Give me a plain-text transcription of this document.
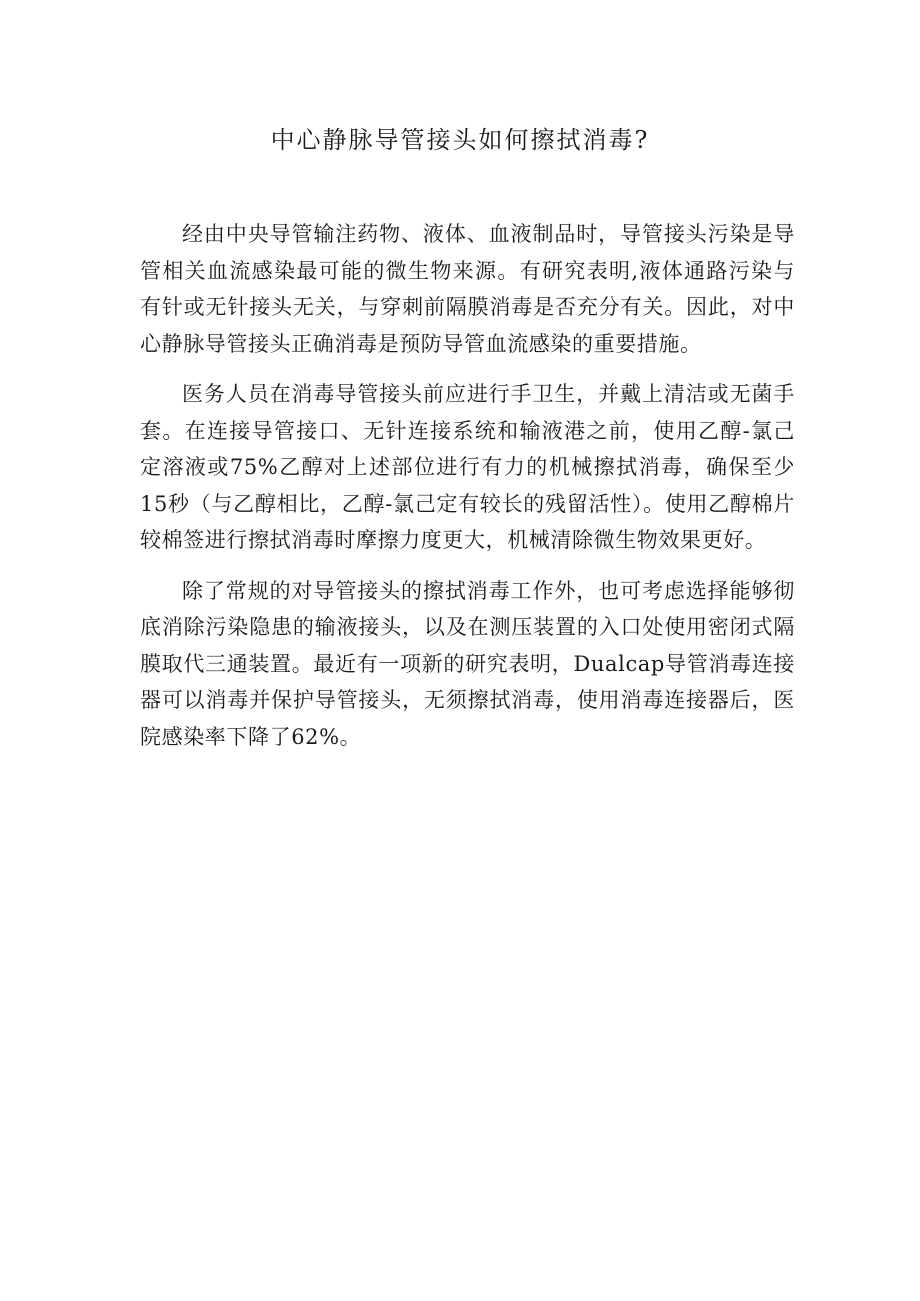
中心静脉导管接头如何擦拭消毒?

经由中央导管输注药物、液体、血液制品时，导管接头污染是导管相关血流感染最可能的微生物来源。有研究表明,液体通路污染与有针或无针接头无关，与穿刺前隔膜消毒是否充分有关。因此，对中心静脉导管接头正确消毒是预防导管血流感染的重要措施。

医务人员在消毒导管接头前应进行手卫生，并戴上清洁或无菌手套。在连接导管接口、无针连接系统和输液港之前，使用乙醇-氯己定溶液或75%乙醇对上述部位进行有力的机械擦拭消毒，确保至少15秒（与乙醇相比，乙醇-氯己定有较长的残留活性）。使用乙醇棉片较棉签进行擦拭消毒时摩擦力度更大，机械清除微生物效果更好。

除了常规的对导管接头的擦拭消毒工作外，也可考虑选择能够彻底消除污染隐患的输液接头，以及在测压装置的入口处使用密闭式隔膜取代三通装置。最近有一项新的研究表明，Dualcap导管消毒连接器可以消毒并保护导管接头，无须擦拭消毒，使用消毒连接器后，医院感染率下降了62%。
